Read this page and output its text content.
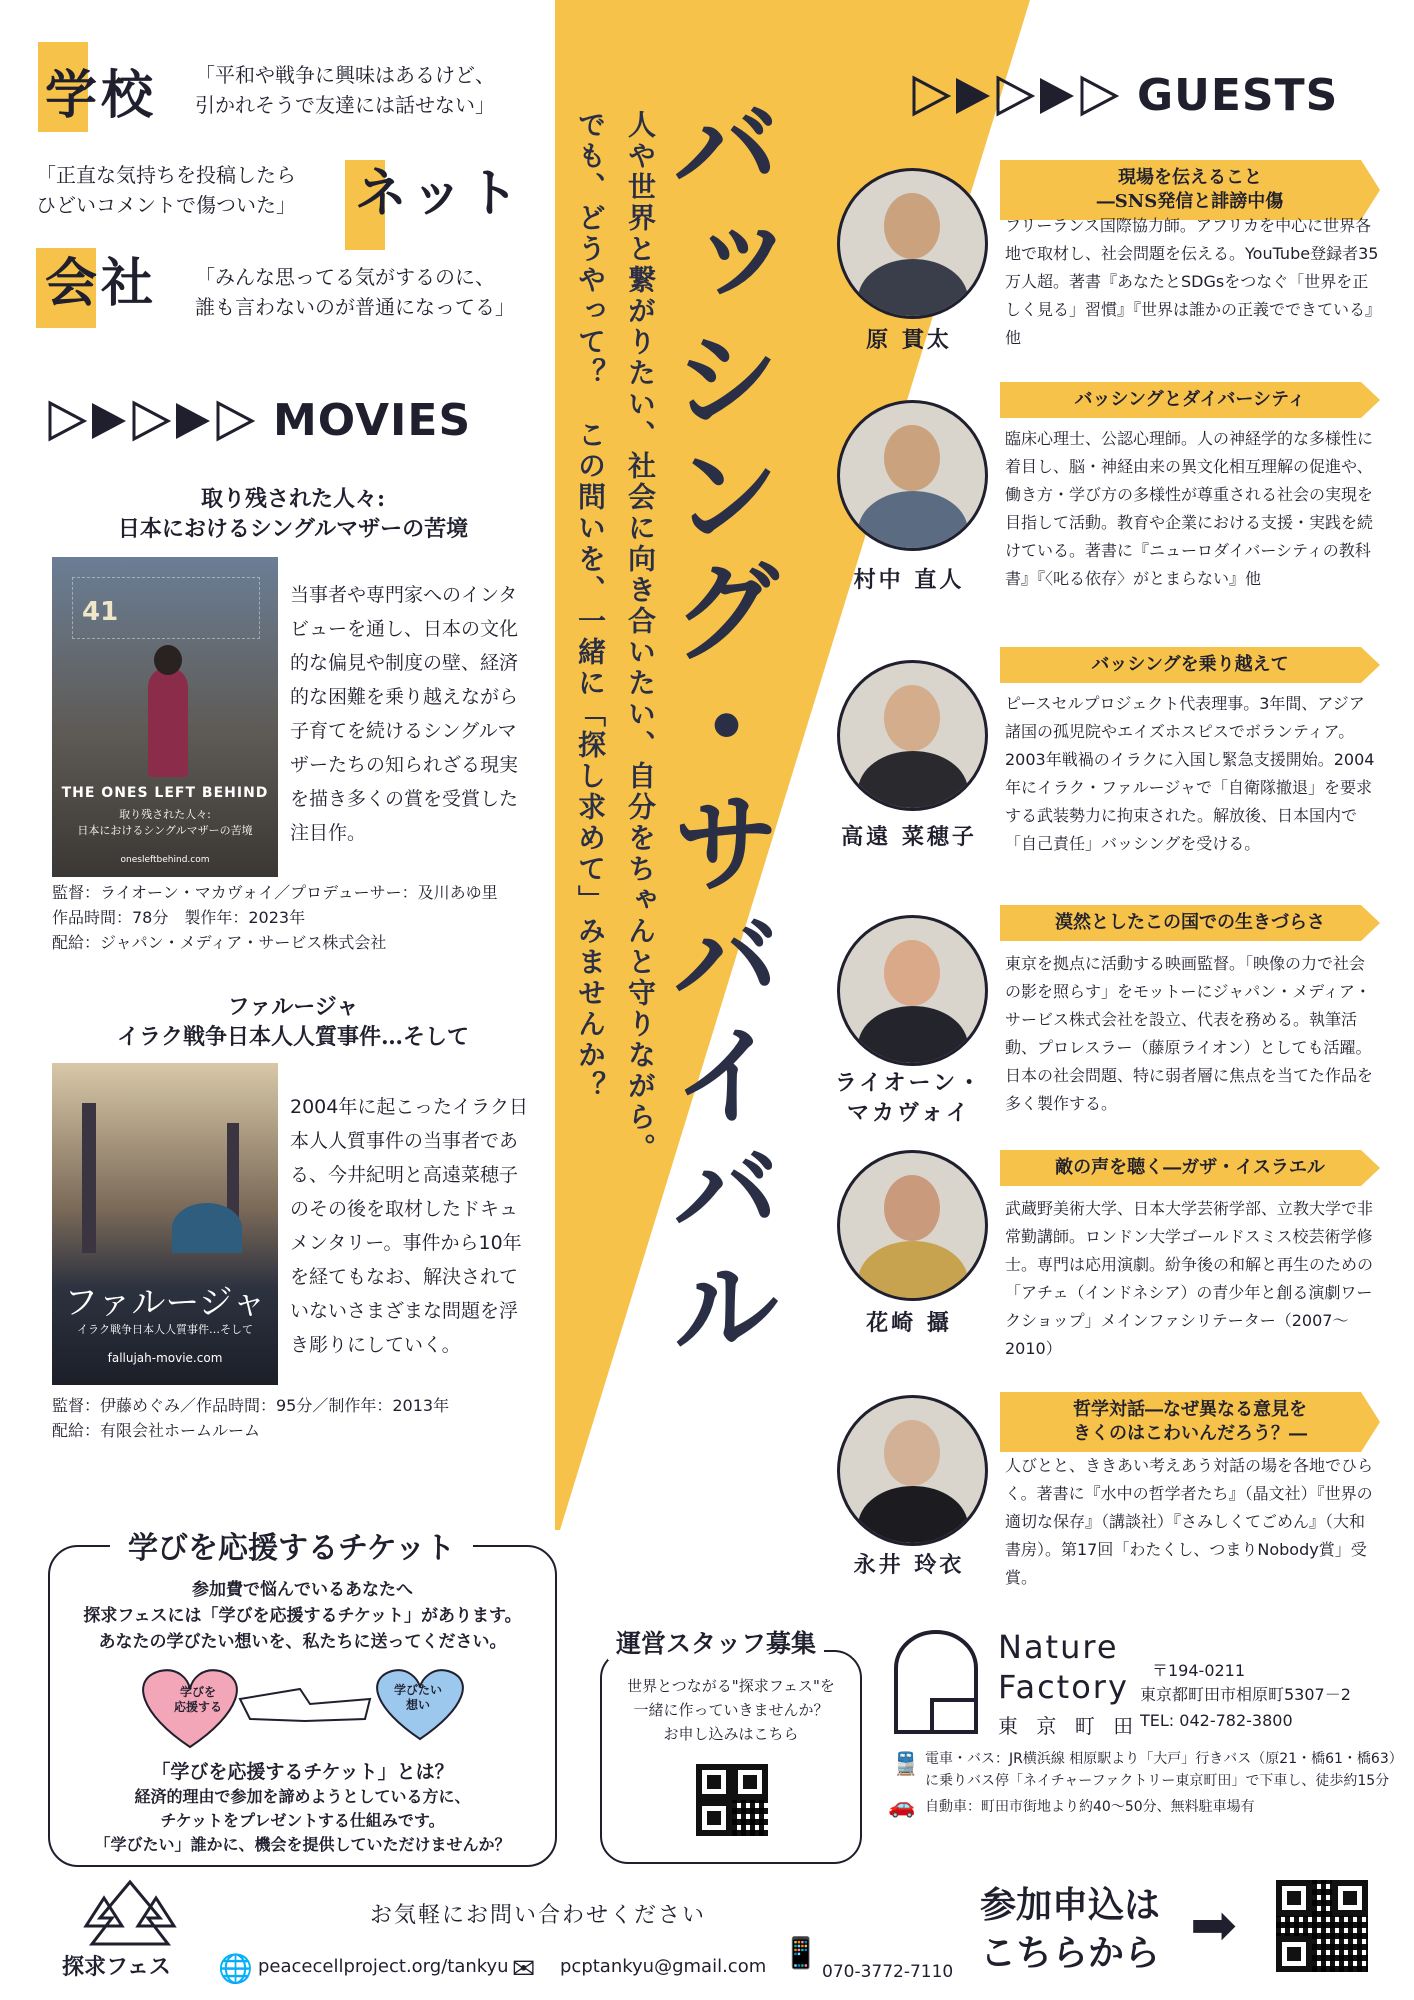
学校 「平和や戦争に興味はあるけど、
引かれそうで友達には話せない」
「正直な気持ちを投稿したら
ひどいコメントで傷ついた」 ネット
会社 「みんな思ってる気がするのに、
誰も言わないのが普通になってる」
MOVIES
取り残された人々:
日本におけるシングルマザーの苦境
41
THE ONES LEFT BEHIND
取り残された人々:
日本におけるシングルマザーの苦境
onesleftbehind.com
当事者や専門家へのインタビューを通し、日本の文化的な偏見や制度の壁、経済的な困難を乗り越えながら子育てを続けるシングルマザーたちの知られざる現実を描き多くの賞を受賞した注目作。
監督：ライオーン・マカヴォイ／プロデューサー：及川あゆ里
作品時間：78分　製作年：2023年
配給：ジャパン・メディア・サービス株式会社
ファルージャ
イラク戦争日本人人質事件…そして
ファルージャ
イラク戦争日本人人質事件…そして
fallujah-movie.com
2004年に起こったイラク日本人人質事件の当事者である、今井紀明と高遠菜穂子のその後を取材したドキュメンタリー。事件から10年を経てもなお、解決されていないさまざまな問題を浮き彫りにしていく。
監督：伊藤めぐみ／作品時間：95分／制作年：2013年
配給：有限会社ホームルーム
バッシング・サバイバル
人や世界と繋がりたい、社会に向き合いたい、自分をちゃんと守りながら。
でも、どうやって？　この問いを、一緒に「探し求めて」みませんか？
GUESTS
原 貫太
現場を伝えること
―SNS発信と誹謗中傷
フリーランス国際協力師。アフリカを中心に世界各地で取材し、社会問題を伝える。YouTube登録者35万人超。著書『あなたとSDGsをつなぐ「世界を正しく見る」習慣』『世界は誰かの正義でできている』他
村中 直人
バッシングとダイバーシティ
臨床心理士、公認心理師。人の神経学的な多様性に着目し、脳・神経由来の異文化相互理解の促進や、働き方・学び方の多様性が尊重される社会の実現を目指して活動。教育や企業における支援・実践を続けている。著書に『ニューロダイバーシティの教科書』『〈叱る依存〉がとまらない』他
高遠 菜穂子
バッシングを乗り越えて
ピースセルプロジェクト代表理事。3年間、アジア諸国の孤児院やエイズホスピスでボランティア。2003年戦禍のイラクに入国し緊急支援開始。2004年にイラク・ファルージャで「自衛隊撤退」を要求する武装勢力に拘束された。解放後、日本国内で「自己責任」バッシングを受ける。
ライオーン・
マカヴォイ
漠然としたこの国での生きづらさ
東京を拠点に活動する映画監督。「映像の力で社会の影を照らす」をモットーにジャパン・メディア・サービス株式会社を設立、代表を務める。執筆活動、プロレスラー（藤原ライオン）としても活躍。日本の社会問題、特に弱者層に焦点を当てた作品を多く製作する。
花崎 攝
敵の声を聴く―ガザ・イスラエル
武蔵野美術大学、日本大学芸術学部、立教大学で非常勤講師。ロンドン大学ゴールドスミス校芸術学修士。専門は応用演劇。紛争後の和解と再生のための「アチェ（インドネシア）の青少年と創る演劇ワークショップ」メインファシリテーター（2007〜2010）
永井 玲衣
哲学対話―なぜ異なる意見を
きくのはこわいんだろう？―
人びとと、ききあい考えあう対話の場を各地でひらく。著書に『水中の哲学者たち』（晶文社）『世界の適切な保存』（講談社）『さみしくてごめん』（大和書房）。第17回「わたくし、つまりNobody賞」受賞。
学びを応援するチケット
参加費で悩んでいるあなたへ
探求フェスには「学びを応援するチケット」があります。
あなたの学びたい想いを、私たちに送ってください。
学びを
応援する
学びたい
想い
「学びを応援するチケット」とは？
経済的理由で参加を諦めようとしている方に、
チケットをプレゼントする仕組みです。
「学びたい」誰かに、機会を提供していただけませんか？
運営スタッフ募集
世界とつながる"探求フェス"を
一緒に作っていきませんか？
お申し込みはこちら
Nature
Factory
東 京 町 田
〒194-0211
東京都町田市相原町5307－2
TEL: 042-782-3800
🚆 電車・バス：JR横浜線 相原駅より「大戸」行きバス（原21・橋61・橋63）
に乗りバス停「ネイチャーファクトリー東京町田」で下車し、徒歩約15分
🚗 自動車：町田市街地より約40～50分、無料駐車場有
探求フェス
お気軽にお問い合わせください
🌐 peacecellproject.org/tankyu ✉ pcptankyu@gmail.com 📱
070-3772-7110
参加申込は
こちらから ➡
